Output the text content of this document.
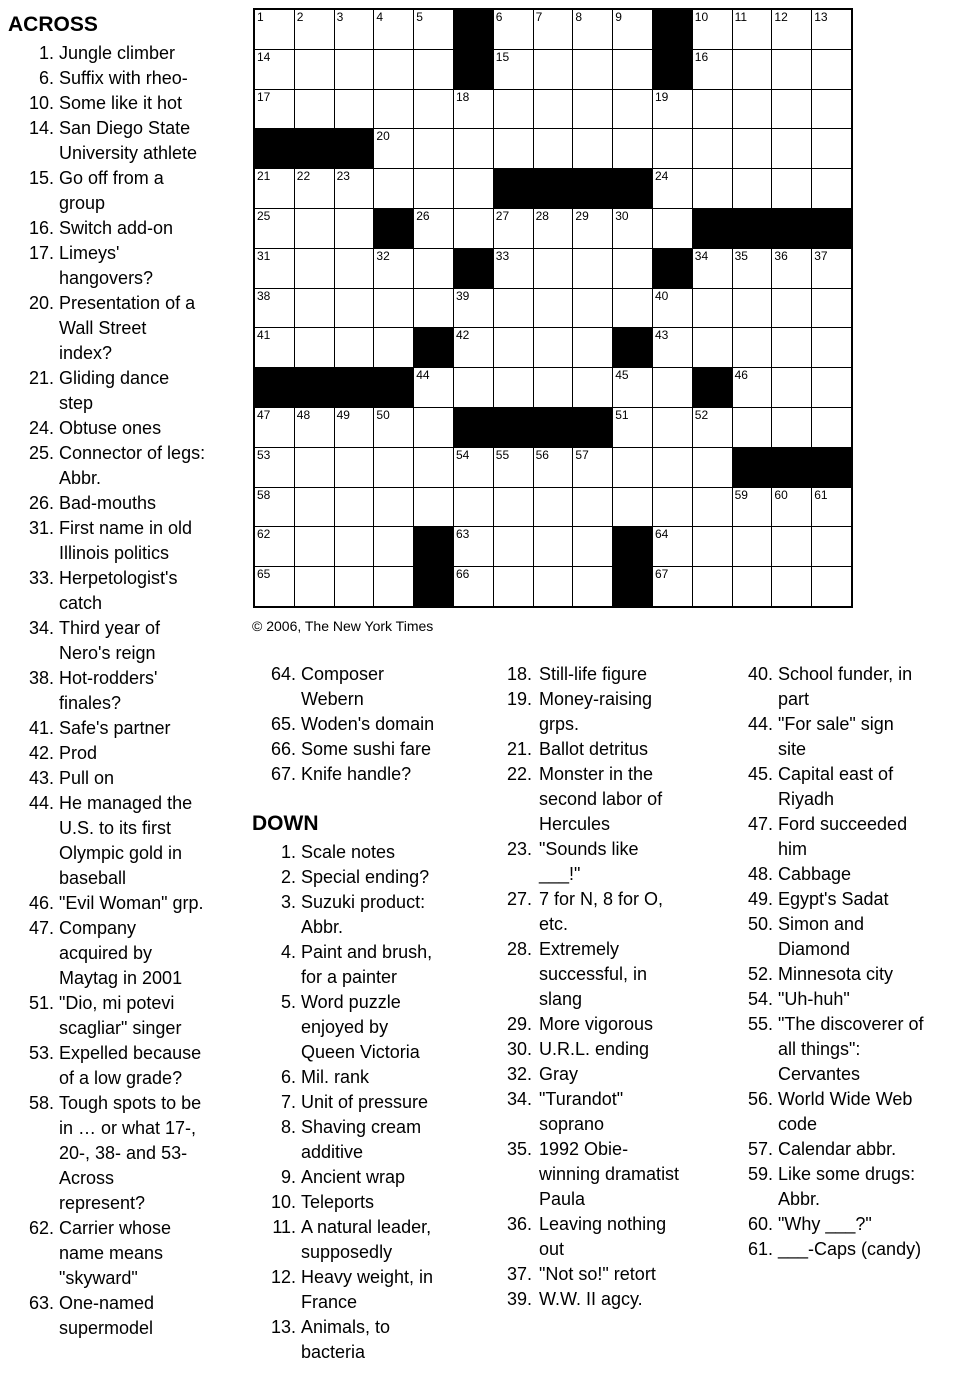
1	2	3	4	5	6	7	8	9	10 11 12 13
14	15	16
17	18	19
20
21 22 23	24
25	26	27 28 29 30
31	32	33	34 35 36 37
38	39	40
41	42	43
44	45	46
47 48 49 50	51	52
53	54 55 56 57
58	59 60 61
62	63	64
65	66	67
© 2006, The New York Times
ACROSS
1. Jungle climber
6. Suffix with rheo-
10. Some like it hot
14. San Diego State
University athlete
15. Go off from a
group
16. Switch add-on
17. Limeys'
hangovers?
20. Presentation of a
Wall Street
index?
21. Gliding dance
step
24. Obtuse ones
25. Connector of legs:
Abbr.
26. Bad-mouths
31. First name in old
Illinois politics
33. Herpetologist's
catch
34. Third year of
Nero's reign
38. Hot-rodders'
finales?
41. Safe's partner
42. Prod
43. Pull on
44. He managed the
U.S. to its first
Olympic gold in
baseball
46. "Evil Woman" grp.
47. Company
acquired by
Maytag in 2001
51. "Dio, mi potevi
scagliar" singer
53. Expelled because
of a low grade?
58. Tough spots to be
in … or what 17-,
20-, 38- and 53-
Across
represent?
62. Carrier whose
name means
"skyward"
63. One-named
supermodel
64. Composer
Webern
65. Woden's domain
66. Some sushi fare
67. Knife handle?
DOWN
1. Scale notes
2. Special ending?
3. Suzuki product:
Abbr.
4. Paint and brush,
for a painter
5. Word puzzle
enjoyed by
Queen Victoria
6. Mil. rank
7. Unit of pressure
8. Shaving cream
additive
9. Ancient wrap
10. Teleports
11. A natural leader,
supposedly
12. Heavy weight, in
France
13. Animals, to
bacteria
18. Still-life figure
19. Money-raising
grps.
21. Ballot detritus
22. Monster in the
second labor of
Hercules
23. "Sounds like
___!"
27. 7 for N, 8 for O,
etc.
28. Extremely
successful, in
slang
29. More vigorous
30. U.R.L. ending
32. Gray
34. "Turandot"
soprano
35. 1992 Obie-
winning dramatist
Paula
36. Leaving nothing
out
37. "Not so!" retort
39. W.W. II agcy.
40. School funder, in
part
44. "For sale" sign
site
45. Capital east of
Riyadh
47. Ford succeeded
him
48. Cabbage
49. Egypt's Sadat
50. Simon and
Diamond
52. Minnesota city
54. "Uh-huh"
55. "The discoverer of
all things":
Cervantes
56. World Wide Web
code
57. Calendar abbr.
59. Like some drugs:
Abbr.
60. "Why ___?"
61. ___-Caps (candy)
